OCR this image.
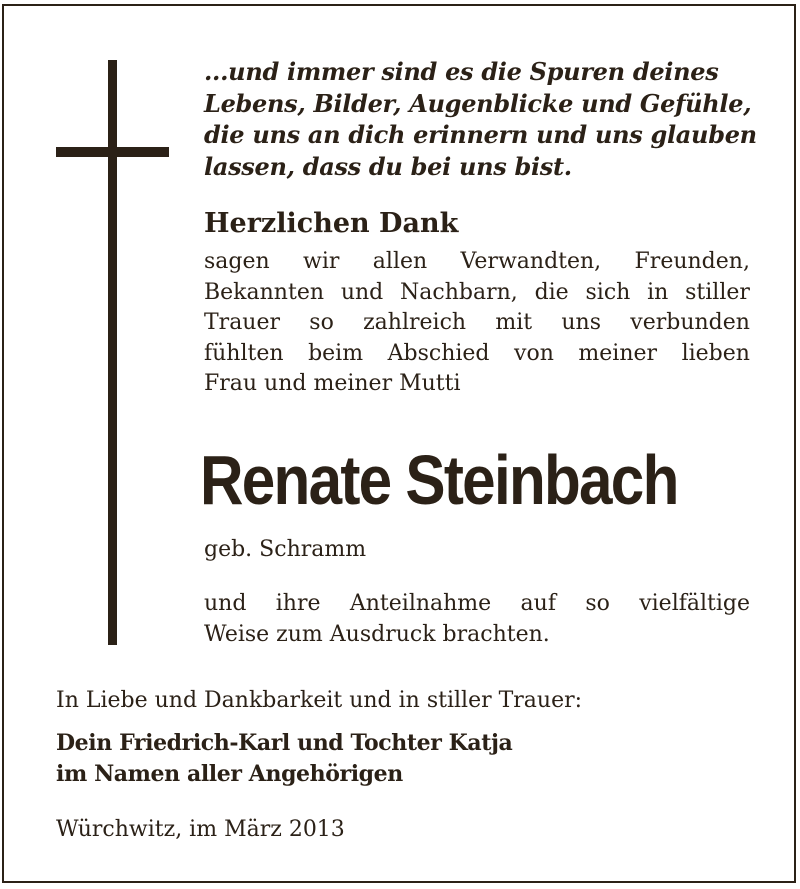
...und immer sind es die Spuren deines
Lebens, Bilder, Augenblicke und Gefühle,
die uns an dich erinnern und uns glauben
lassen, dass du bei uns bist.
Herzlichen Dank
sagen wir allen Verwandten, Freunden,
Bekannten und Nachbarn, die sich in stiller
Trauer so zahlreich mit uns verbunden
fühlten beim Abschied von meiner lieben
Frau und meiner Mutti
Renate Steinbach
geb. Schramm
und ihre Anteilnahme auf so vielfältige
Weise zum Ausdruck brachten.
In Liebe und Dankbarkeit und in stiller Trauer:
Dein Friedrich-Karl und Tochter Katja
im Namen aller Angehörigen
Würchwitz, im März 2013
